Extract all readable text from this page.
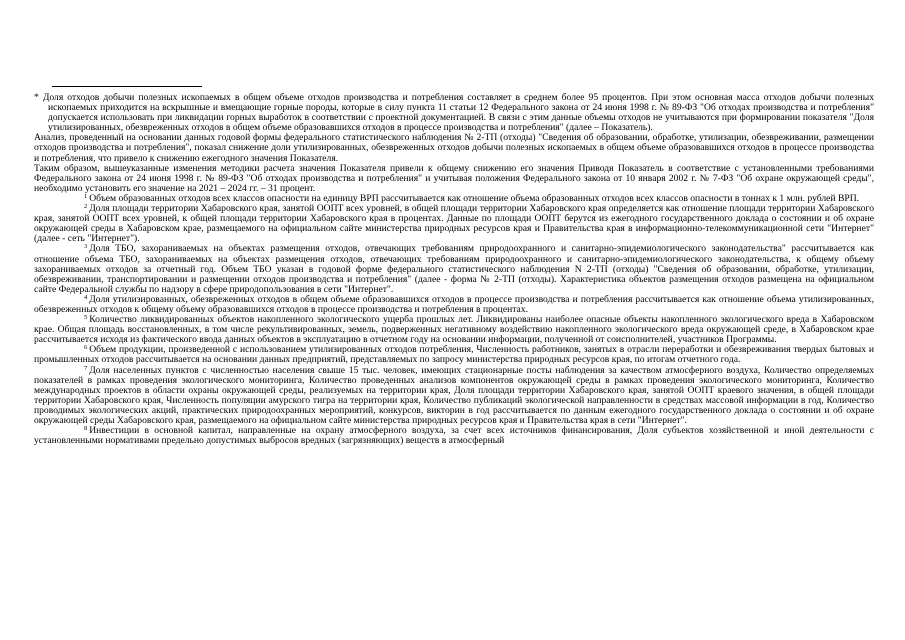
* Доля отходов добычи полезных ископаемых в общем объеме отходов производства и потребления составляет в среднем более 95 процентов. При этом основная масса отходов добычи полезных ископаемых приходится на вскрышные и вмещающие горные породы, которые в силу пункта 11 статьи 12 Федерального закона от 24 июня 1998 г. № 89-ФЗ "Об отходах производства и потребления" допускается использовать при ликвидации горных выработок в соответствии с проектной документацией. В связи с этим данные объемы отходов не учитываются при формировании показателя "Доля утилизированных, обезвреженных отходов в общем объеме образовавшихся отходов в процессе производства и потребления" (далее – Показатель).

Анализ, проведенный на основании данных годовой формы федерального статистического наблюдения № 2-ТП (отходы) "Сведения об образовании, обработке, утилизации, обезвреживании, размещении отходов производства и потребления", показал снижение доли утилизированных, обезвреженных отходов добычи полезных ископаемых в общем объеме образовавшихся отходов в процессе производства и потребления, что привело к снижению ежегодного значения Показателя.

Таким образом, вышеуказанные изменения методики расчета значения Показателя привели к общему снижению его значения Приводя Показатель в соответствие с установленными требованиями Федерального закона от 24 июня 1998 г. № 89-ФЗ "Об отходах производства и потребления" и учитывая положения Федерального закона от 10 января 2002 г. № 7-ФЗ "Об охране окружающей среды", необходимо установить его значение на 2021 – 2024 гг. – 31 процент.

$^1$ Объем образованных отходов всех классов опасности на единицу ВРП рассчитывается как отношение объема образованных отходов всех классов опасности в тоннах к 1 млн. рублей ВРП.

$^2$ Доля площади территории Хабаровского края, занятой ООПТ всех уровней, в общей площади территории Хабаровского края определяется как отношение площади территории Хабаровского края, занятой ООПТ всех уровней, к общей площади территории Хабаровского края в процентах. Данные по площади ООПТ берутся из ежегодного государственного доклада о состоянии и об охране окружающей среды в Хабаровском крае, размещаемого на официальном сайте министерства природных ресурсов края и Правительства края в информационно-телекоммуникационной сети "Интернет" (далее - сеть "Интернет").

$^3$ Доля ТБО, захораниваемых на объектах размещения отходов, отвечающих требованиям природоохранного и санитарно-эпидемиологического законодательства" рассчитывается как отношение объема ТБО, захораниваемых на объектах размещения отходов, отвечающих требованиям природоохранного и санитарно-эпидемиологического законодательства, к общему объему захораниваемых отходов за отчетный год. Объем ТБО указан в годовой форме федерального статистического наблюдения N 2-ТП (отходы) "Сведения об образовании, обработке, утилизации, обезвреживании, транспортировании и размещении отходов производства и потребления" (далее - форма № 2-ТП (отходы). Характеристика объектов размещения отходов размещена на официальном сайте Федеральной службы по надзору в сфере природопользования в сети "Интернет".

$^4$ Доля утилизированных, обезвреженных отходов в общем объеме образовавшихся отходов в процессе производства и потребления рассчитывается как отношение объема утилизированных, обезвреженных отходов к общему объему образовавшихся отходов в процессе производства и потребления в процентах.

$^5$ Количество ликвидированных объектов накопленного экологического ущерба прошлых лет. Ликвидированы наиболее опасные объекты накопленного экологического вреда в Хабаровском крае. Общая площадь восстановленных, в том числе рекультивированных, земель, подверженных негативному воздействию накопленного экологического вреда окружающей среде, в Хабаровском крае рассчитывается исходя из фактического ввода данных объектов в эксплуатацию в отчетном году на основании информации, полученной от соисполнителей, участников Программы.

$^6$ Объем продукции, произведенной с использованием утилизированных отходов потребления, Численность работников, занятых в отрасли переработки и обезвреживания твердых бытовых и промышленных отходов рассчитывается на основании данных предприятий, представляемых по запросу министерства природных ресурсов края, по итогам отчетного года.

$^7$ Доля населенных пунктов с численностью населения свыше 15 тыс. человек, имеющих стационарные посты наблюдения за качеством атмосферного воздуха, Количество определяемых показателей в рамках проведения экологического мониторинга, Количество проведенных анализов компонентов окружающей среды в рамках проведения экологического мониторинга, Количество международных проектов в области охраны окружающей среды, реализуемых на территории края, Доля площади территории Хабаровского края, занятой ООПТ краевого значения, в общей площади территории Хабаровского края, Численность популяции амурского тигра на территории края, Количество публикаций экологической направленности в средствах массовой информации в год, Количество проводимых экологических акций, практических природоохранных мероприятий, конкурсов, викторин в год рассчитывается по данным ежегодного государственного доклада о состоянии и об охране окружающей среды Хабаровского края, размещаемого на официальном сайте министерства природных ресурсов края и Правительства края в сети "Интернет".

$^8$ Инвестиции в основной капитал, направленные на охрану атмосферного воздуха, за счет всех источников финансирования, Доля субъектов хозяйственной и иной деятельности с установленными нормативами предельно допустимых выбросов вредных (загрязняющих) веществ в атмосферный
